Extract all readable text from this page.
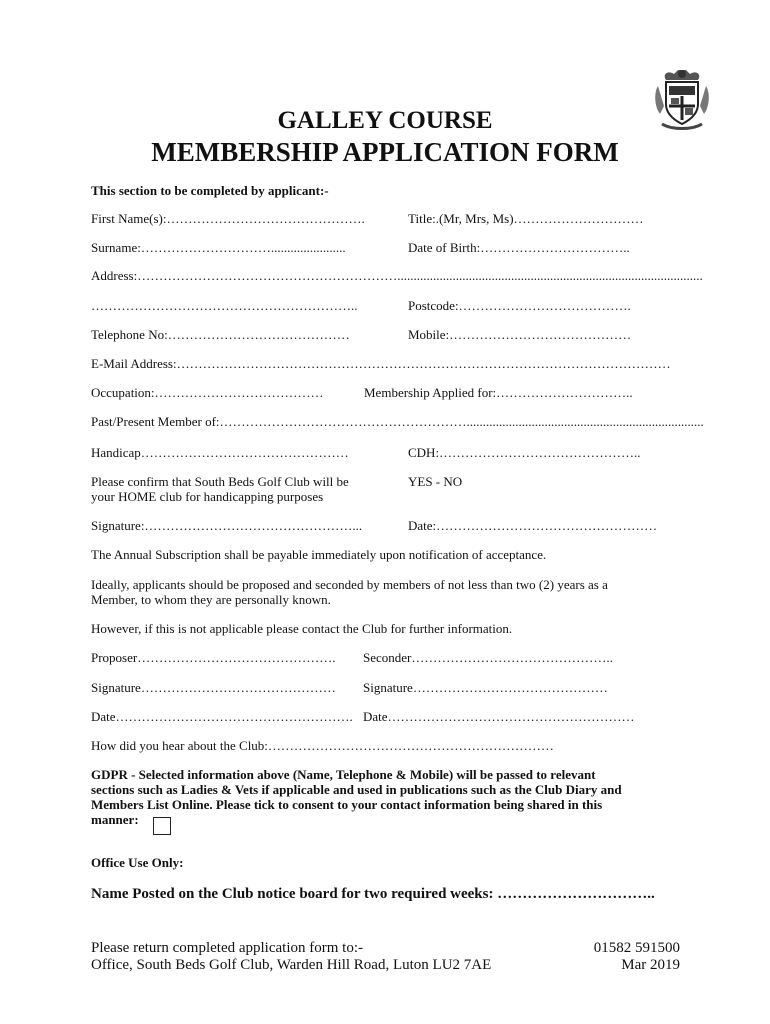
GALLEY COURSE
MEMBERSHIP APPLICATION FORM
This section to be completed by applicant:-
First Name(s):……………………………………….	Title:.(Mr, Mrs, Ms)…………………………
Surname:………………………….......................	Date of Birth:……………………………..
Address:……………………………………………………..............................................................................................
……………………………………………………..	Postcode:………………………………….
Telephone No:……………………………………	Mobile:……………………………………
E-Mail Address:……………………………………………………………………………………………………
Occupation:…………………………………	Membership Applied for:…………………………..
Past/Present Member of:………………………………………………….........................................................................
Handicap…………………………………………	CDH:………………………………………..
Please confirm that South Beds Golf Club will be
your HOME club for handicapping purposes
YES - NO
Signature:…………………………………………...	Date:……………………………………………
The Annual Subscription shall be payable immediately upon notification of acceptance.
Ideally, applicants should be proposed and seconded by members of not less than two (2) years as a
Member, to whom they are personally known.
However, if this is not applicable please contact the Club for further information.
Proposer………………………………………. Seconder………………………………………..
Signature……………………………………… Signature………………………………………
Date………………………………………………. Date…………………………………………………
How did you hear about the Club:…………………………………………………………
GDPR - Selected information above (Name, Telephone & Mobile) will be passed to relevant
sections such as Ladies & Vets if applicable and used in publications such as the Club Diary and
Members List Online. Please tick to consent to your contact information being shared in this
manner:
Office Use Only:
Name Posted on the Club notice board for two required weeks: …………………………..
Please return completed application form to:-
Office, South Beds Golf Club, Warden Hill Road, Luton LU2 7AE
01582 591500
Mar 2019
